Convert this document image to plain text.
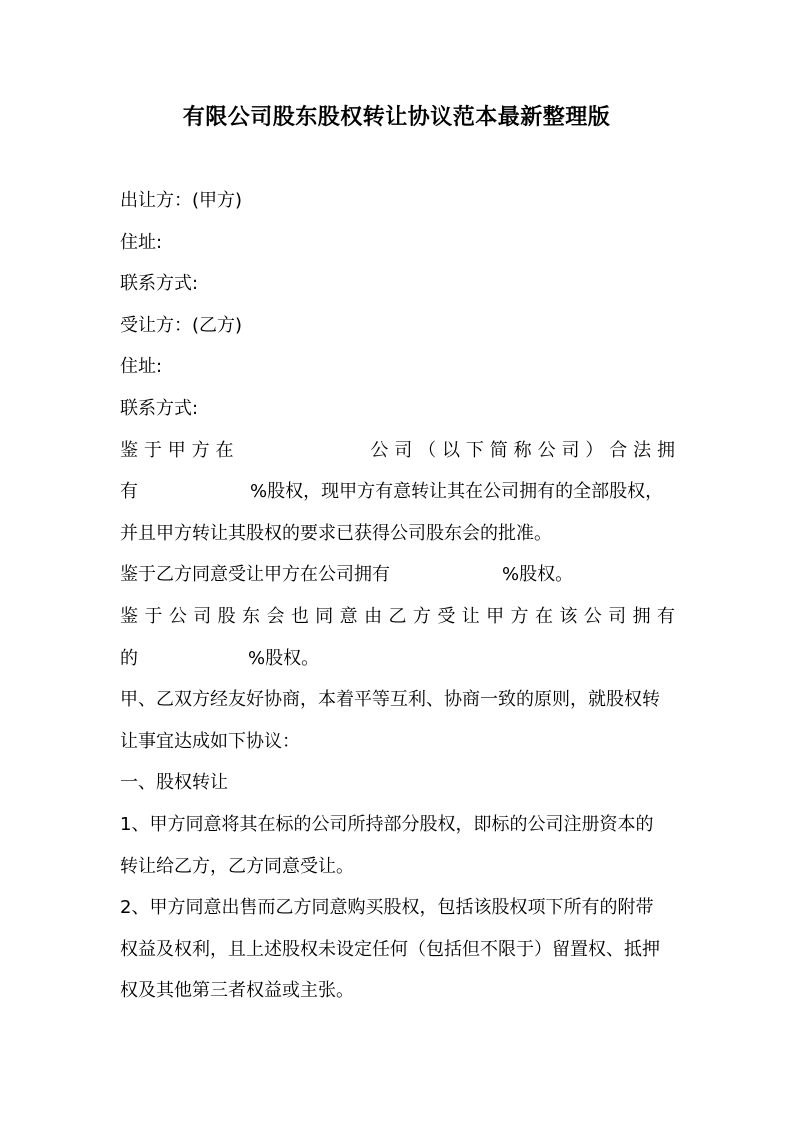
有限公司股东股权转让协议范本最新整理版
出让方：(甲方)
住址:
联系方式:
受让方：(乙方)
住址:
联系方式:
鉴于甲方在	公司（以下简称公司）合法拥
有	%股权，现甲方有意转让其在公司拥有的全部股权，
并且甲方转让其股权的要求已获得公司股东会的批准。
鉴于乙方同意受让甲方在公司拥有	%股权。
鉴于公司股东会也同意由乙方受让甲方在该公司拥有
的	%股权。
甲、乙双方经友好协商，本着平等互利、协商一致的原则，就股权转
让事宜达成如下协议：
一、股权转让
1、甲方同意将其在标的公司所持部分股权，即标的公司注册资本的
转让给乙方，乙方同意受让。
2、甲方同意出售而乙方同意购买股权，包括该股权项下所有的附带
权益及权利，且上述股权未设定任何（包括但不限于）留置权、抵押
权及其他第三者权益或主张。
